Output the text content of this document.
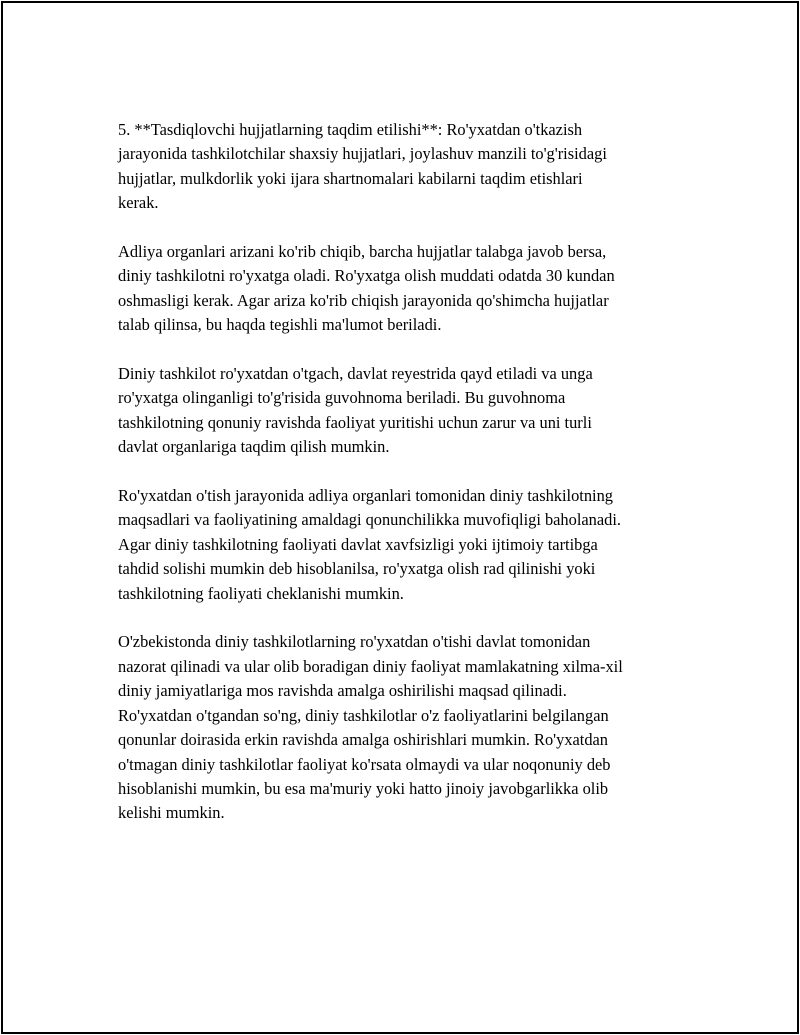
5. **Tasdiqlovchi hujjatlarning taqdim etilishi**: Ro'yxatdan o'tkazish
jarayonida tashkilotchilar shaxsiy hujjatlari, joylashuv manzili to'g'risidagi
hujjatlar, mulkdorlik yoki ijara shartnomalari kabilarni taqdim etishlari
kerak.

Adliya organlari arizani ko'rib chiqib, barcha hujjatlar talabga javob bersa,
diniy tashkilotni ro'yxatga oladi. Ro'yxatga olish muddati odatda 30 kundan
oshmasligi kerak. Agar ariza ko'rib chiqish jarayonida qo'shimcha hujjatlar
talab qilinsa, bu haqda tegishli ma'lumot beriladi.

Diniy tashkilot ro'yxatdan o'tgach, davlat reyestrida qayd etiladi va unga
ro'yxatga olinganligi to'g'risida guvohnoma beriladi. Bu guvohnoma
tashkilotning qonuniy ravishda faoliyat yuritishi uchun zarur va uni turli
davlat organlariga taqdim qilish mumkin.

Ro'yxatdan o'tish jarayonida adliya organlari tomonidan diniy tashkilotning
maqsadlari va faoliyatining amaldagi qonunchilikka muvofiqligi baholanadi.
Agar diniy tashkilotning faoliyati davlat xavfsizligi yoki ijtimoiy tartibga
tahdid solishi mumkin deb hisoblanilsa, ro'yxatga olish rad qilinishi yoki
tashkilotning faoliyati cheklanishi mumkin.

O'zbekistonda diniy tashkilotlarning ro'yxatdan o'tishi davlat tomonidan
nazorat qilinadi va ular olib boradigan diniy faoliyat mamlakatning xilma-xil
diniy jamiyatlariga mos ravishda amalga oshirilishi maqsad qilinadi.
Ro'yxatdan o'tgandan so'ng, diniy tashkilotlar o'z faoliyatlarini belgilangan
qonunlar doirasida erkin ravishda amalga oshirishlari mumkin. Ro'yxatdan
o'tmagan diniy tashkilotlar faoliyat ko'rsata olmaydi va ular noqonuniy deb
hisoblanishi mumkin, bu esa ma'muriy yoki hatto jinoiy javobgarlikka olib
kelishi mumkin.
